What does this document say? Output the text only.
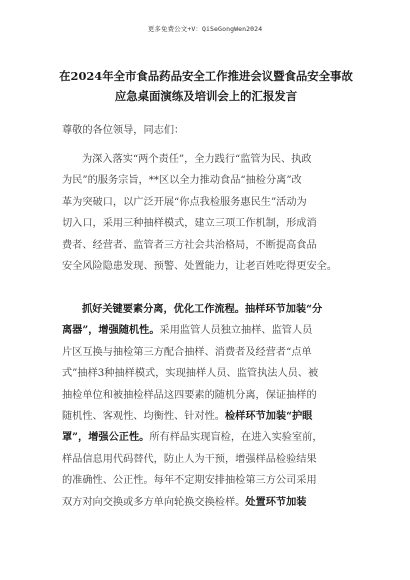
更多免费公文+V：QiSeGongWen2024
在2024年全市食品药品安全工作推进会议暨食品安全事故
应急桌面演练及培训会上的汇报发言
尊敬的各位领导，同志们：
为深入落实“两个责任”，全力践行“监管为民、执政
为民”的服务宗旨，**区以全力推动食品“抽检分离”改
革为突破口，以广泛开展“你点我检服务惠民生”活动为
切入口，采用三种抽样模式，建立三项工作机制，形成消
费者、经营者、监管者三方社会共治格局，不断提高食品
安全风险隐患发现、预警、处置能力，让老百姓吃得更安全。
抓好关键要素分离，优化工作流程。抽样环节加装“分
离器”，增强随机性。采用监管人员独立抽样、监管人员
片区互换与抽检第三方配合抽样、消费者及经营者“点单
式”抽样3种抽样模式，实现抽样人员、监管执法人员、被
抽检单位和被抽检样品这四要素的随机分离，保证抽样的
随机性、客观性、均衡性、针对性。检样环节加装“护眼
罩”，增强公正性。所有样品实现盲检，在进入实验室前，
样品信息用代码替代，防止人为干预，增强样品检验结果
的准确性、公正性。每年不定期安排抽检第三方公司采用
双方对向交换或多方单向轮换交换检样。处置环节加装
